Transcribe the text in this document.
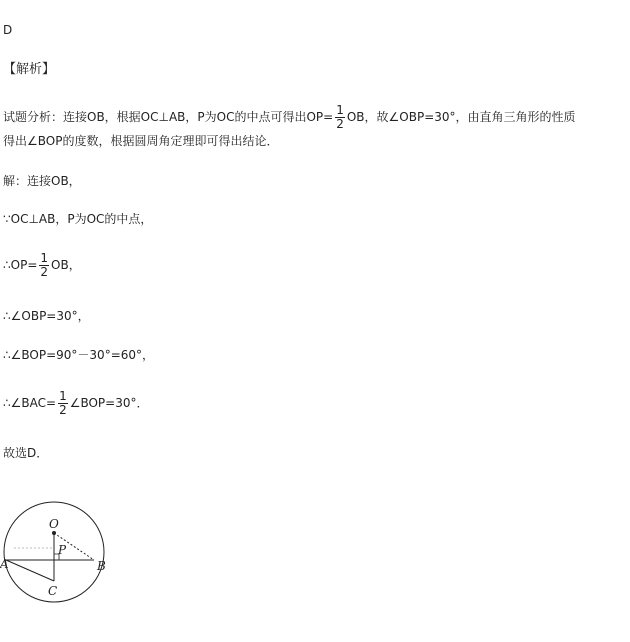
D
【解析】
试题分析：连接OB，根据OC⊥AB，P为OC的中点可得出$OP= \frac{1}{2}$ OB，故∠OBP=30°，由直角三角形的性质
得出∠BOP的度数，根据圆周角定理即可得出结论．
解：连接OB，
∵OC⊥AB，P为OC的中点，
∴OP= $\frac{1}{2}$ OB，
∴∠OBP=30°，
∴∠BOP=90°－30°=60°，
∴∠BAC= $\frac{1}{2}$ ∠BOP=30°．
故选D．
O
P
A	B
C
